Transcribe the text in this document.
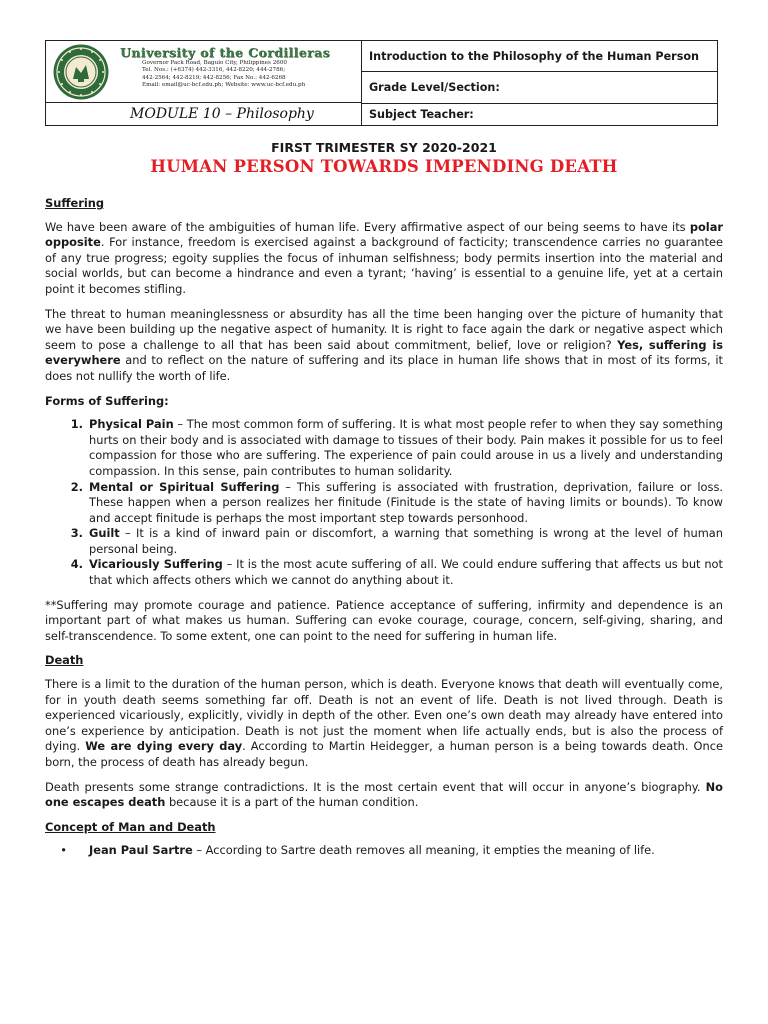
University of the Cordilleras
Governor Pack Road, Baguio City, Philippines 2600
Tel. Nos.: (+6374) 442-3316, 442-8220; 444-2786;
442-2564; 442-8219; 442-8256; Fax No.: 442-6268
Email: email@uc-bcf.edu.ph; Website: www.uc-bcf.edu.ph
MODULE 10 – Philosophy
Introduction to the Philosophy of the Human Person
Grade Level/Section:
Subject Teacher:
FIRST TRIMESTER SY 2020-2021
HUMAN PERSON TOWARDS IMPENDING DEATH
Suffering

We have been aware of the ambiguities of human life. Every affirmative aspect of our being seems to have its polar opposite. For instance, freedom is exercised against a background of facticity; transcendence carries no guarantee of any true progress; egoity supplies the focus of inhuman selfishness; body permits insertion into the material and social worlds, but can become a hindrance and even a tyrant; ‘having’ is essential to a genuine life, yet at a certain point it becomes stifling.

The threat to human meaninglessness or absurdity has all the time been hanging over the picture of humanity that we have been building up the negative aspect of humanity. It is right to face again the dark or negative aspect which seem to pose a challenge to all that has been said about commitment, belief, love or religion? Yes, suffering is everywhere and to reflect on the nature of suffering and its place in human life shows that in most of its forms, it does not nullify the worth of life.

Forms of Suffering:
1. Physical Pain – The most common form of suffering. It is what most people refer to when they say something hurts on their body and is associated with damage to tissues of their body. Pain makes it possible for us to feel compassion for those who are suffering. The experience of pain could arouse in us a lively and understanding compassion. In this sense, pain contributes to human solidarity.
2. Mental or Spiritual Suffering – This suffering is associated with frustration, deprivation, failure or loss. These happen when a person realizes her finitude (Finitude is the state of having limits or bounds). To know and accept finitude is perhaps the most important step towards personhood.
3. Guilt – It is a kind of inward pain or discomfort, a warning that something is wrong at the level of human personal being.
4. Vicariously Suffering – It is the most acute suffering of all. We could endure suffering that affects us but not that which affects others which we cannot do anything about it.

**Suffering may promote courage and patience. Patience acceptance of suffering, infirmity and dependence is an important part of what makes us human. Suffering can evoke courage, courage, concern, self-giving, sharing, and self-transcendence. To some extent, one can point to the need for suffering in human life.

Death

There is a limit to the duration of the human person, which is death. Everyone knows that death will eventually come, for in youth death seems something far off. Death is not an event of life. Death is not lived through. Death is experienced vicariously, explicitly, vividly in depth of the other. Even one’s own death may already have entered into one’s experience by anticipation. Death is not just the moment when life actually ends, but is also the process of dying. We are dying every day. According to Martin Heidegger, a human person is a being towards death. Once born, the process of death has already begun.

Death presents some strange contradictions. It is the most certain event that will occur in anyone’s biography. No one escapes death because it is a part of the human condition.

Concept of Man and Death
•	Jean Paul Sartre – According to Sartre death removes all meaning, it empties the meaning of life.
